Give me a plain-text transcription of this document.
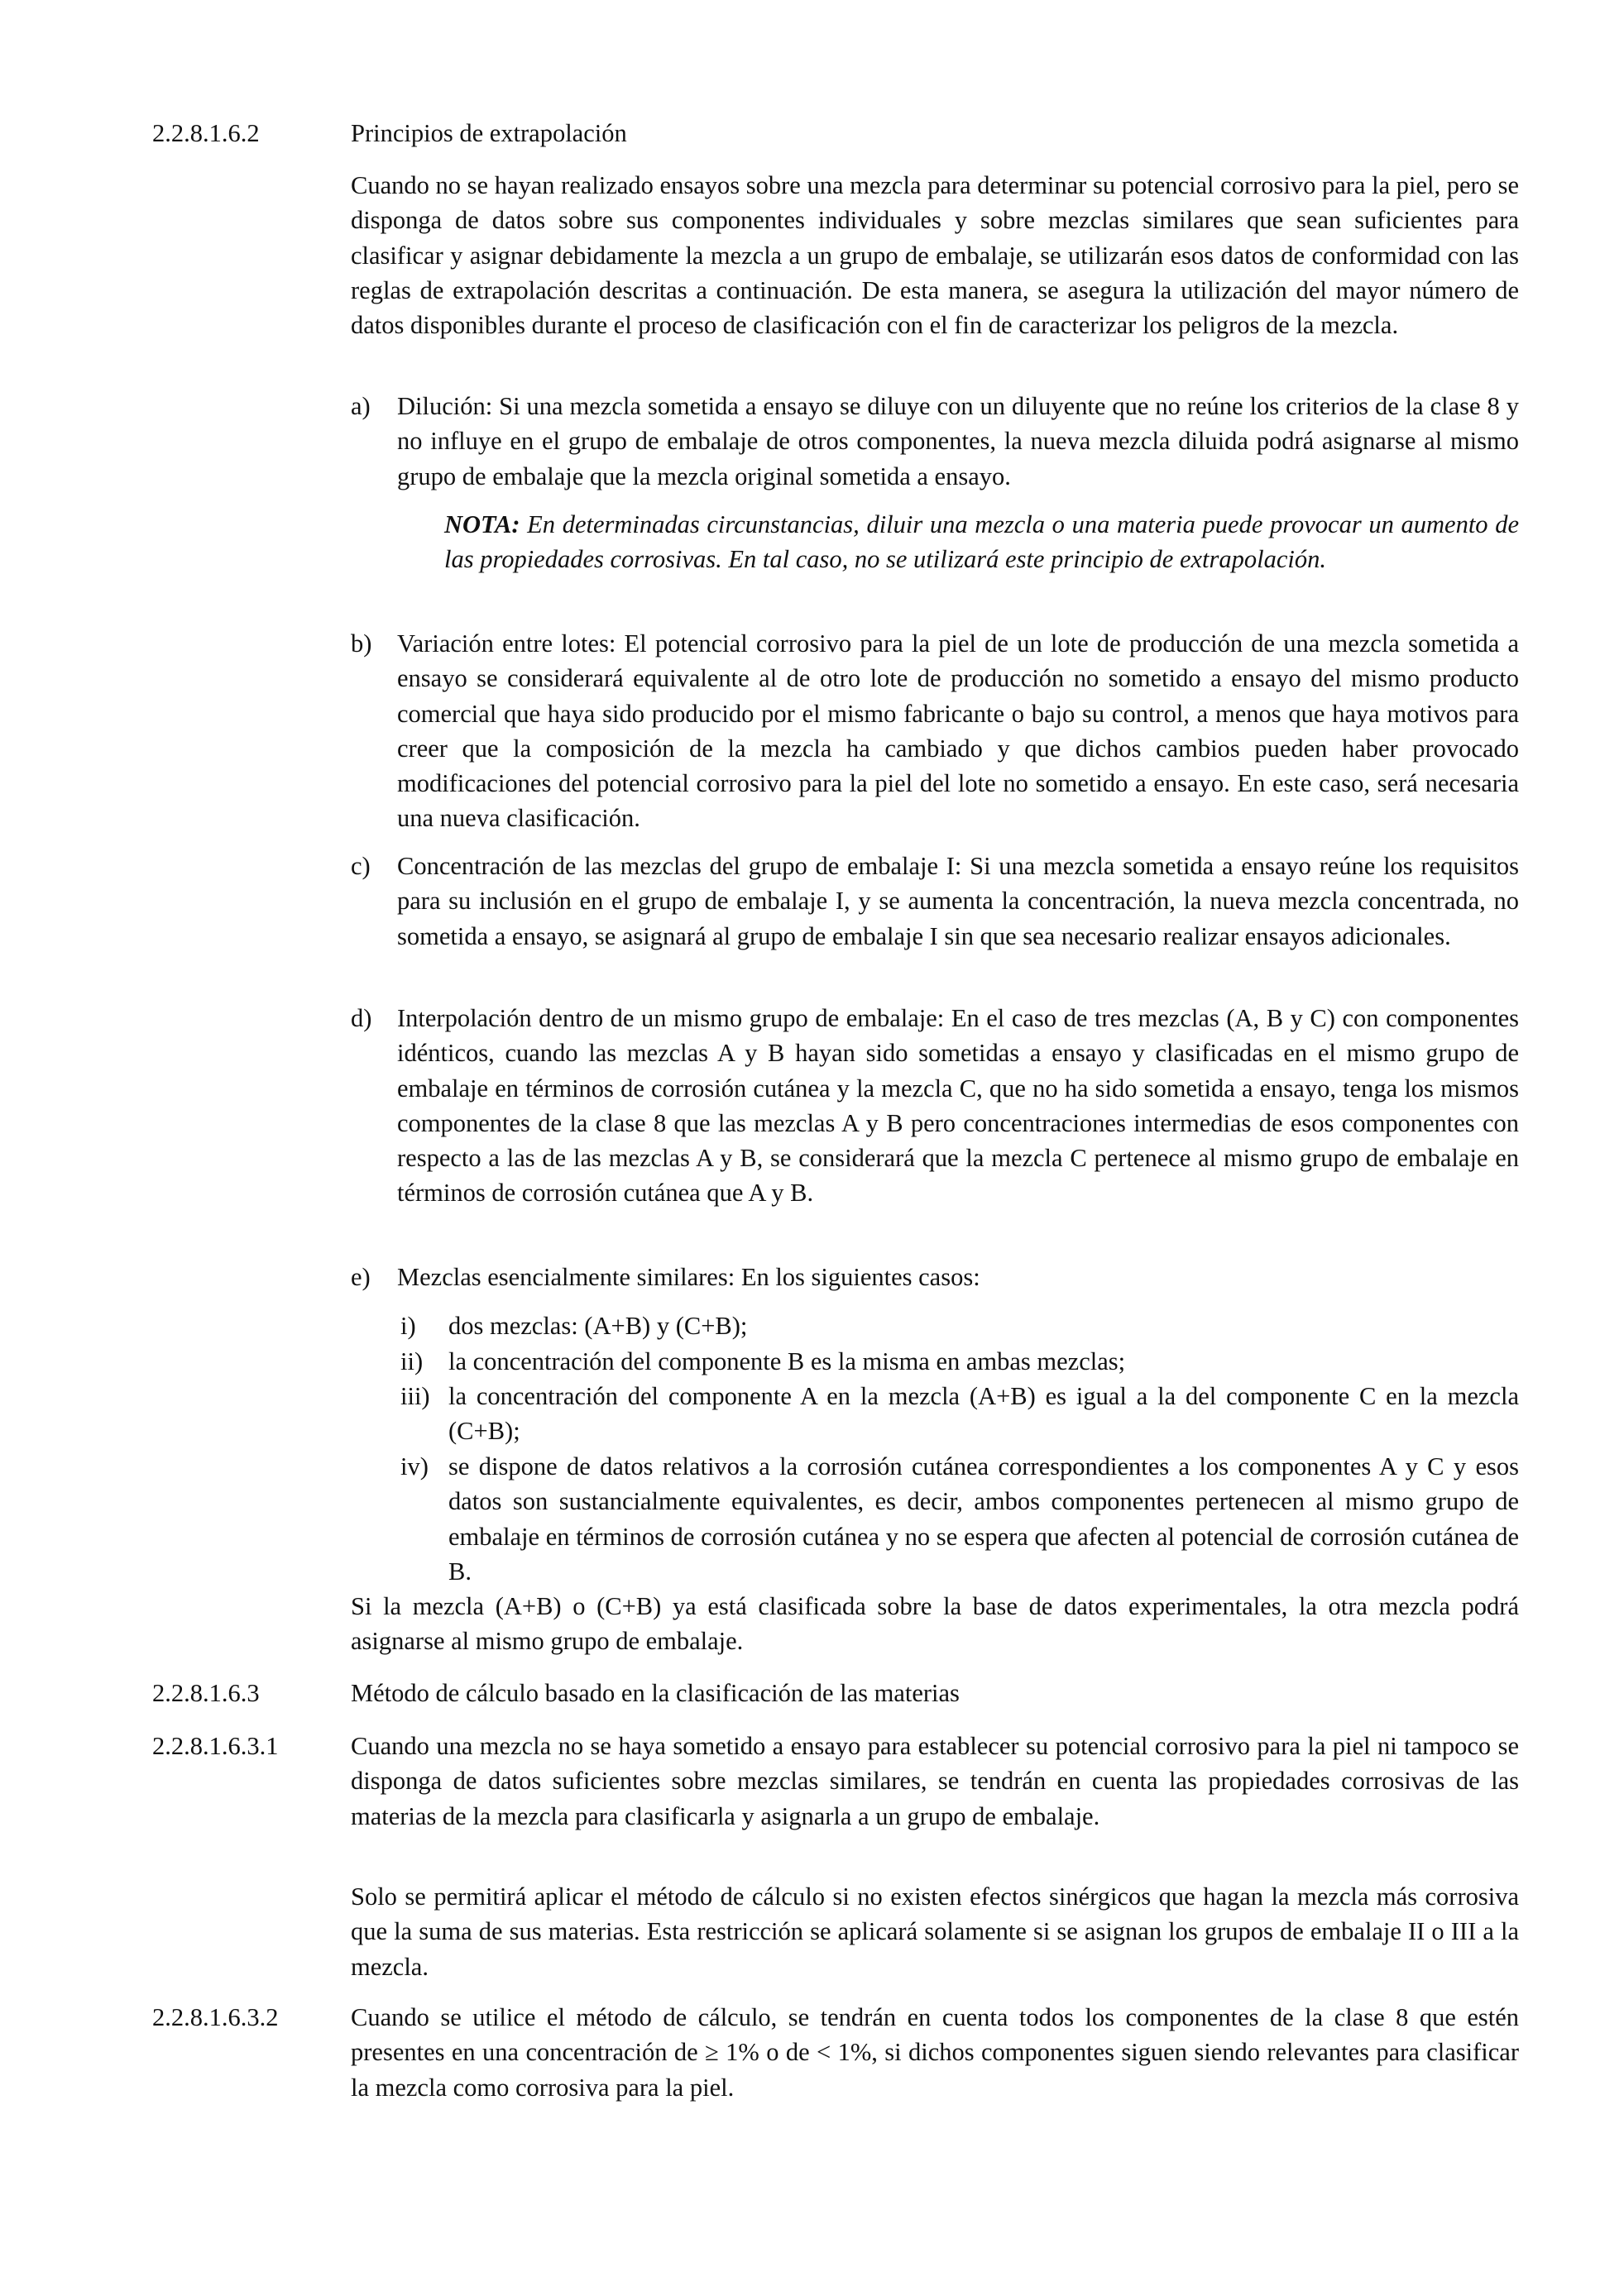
2.2.8.1.6.2	Principios de extrapolación

Cuando no se hayan realizado ensayos sobre una mezcla para determinar su potencial corrosivo para la piel, pero se disponga de datos sobre sus componentes individuales y sobre mezclas similares que sean suficientes para clasificar y asignar debidamente la mezcla a un grupo de embalaje, se utilizarán esos datos de conformidad con las reglas de extrapolación descritas a continuación. De esta manera, se asegura la utilización del mayor número de datos disponibles durante el proceso de clasificación con el fin de caracterizar los peligros de la mezcla.

a) Dilución: Si una mezcla sometida a ensayo se diluye con un diluyente que no reúne los criterios de la clase 8 y no influye en el grupo de embalaje de otros componentes, la nueva mezcla diluida podrá asignarse al mismo grupo de embalaje que la mezcla original sometida a ensayo.
NOTA: En determinadas circunstancias, diluir una mezcla o una materia puede provocar un aumento de las propiedades corrosivas. En tal caso, no se utilizará este principio de extrapolación.
b) Variación entre lotes: El potencial corrosivo para la piel de un lote de producción de una mezcla sometida a ensayo se considerará equivalente al de otro lote de producción no sometido a ensayo del mismo producto comercial que haya sido producido por el mismo fabricante o bajo su control, a menos que haya motivos para creer que la composición de la mezcla ha cambiado y que dichos cambios pueden haber provocado modificaciones del potencial corrosivo para la piel del lote no sometido a ensayo. En este caso, será necesaria una nueva clasificación.
c) Concentración de las mezclas del grupo de embalaje I: Si una mezcla sometida a ensayo reúne los requisitos para su inclusión en el grupo de embalaje I, y se aumenta la concentración, la nueva mezcla concentrada, no sometida a ensayo, se asignará al grupo de embalaje I sin que sea necesario realizar ensayos adicionales.
d) Interpolación dentro de un mismo grupo de embalaje: En el caso de tres mezclas (A, B y C) con componentes idénticos, cuando las mezclas A y B hayan sido sometidas a ensayo y clasificadas en el mismo grupo de embalaje en términos de corrosión cutánea y la mezcla C, que no ha sido sometida a ensayo, tenga los mismos componentes de la clase 8 que las mezclas A y B pero concentraciones intermedias de esos componentes con respecto a las de las mezclas A y B, se considerará que la mezcla C pertenece al mismo grupo de embalaje en términos de corrosión cutánea que A y B.
e) Mezclas esencialmente similares: En los siguientes casos:
i) dos mezclas: (A+B) y (C+B);
ii) la concentración del componente B es la misma en ambas mezclas;
iii) la concentración del componente A en la mezcla (A+B) es igual a la del componente C en la mezcla (C+B);
iv) se dispone de datos relativos a la corrosión cutánea correspondientes a los componentes A y C y esos datos son sustancialmente equivalentes, es decir, ambos componentes pertenecen al mismo grupo de embalaje en términos de corrosión cutánea y no se espera que afecten al potencial de corrosión cutánea de B.

Si la mezcla (A+B) o (C+B) ya está clasificada sobre la base de datos experimentales, la otra mezcla podrá asignarse al mismo grupo de embalaje.

2.2.8.1.6.3	Método de cálculo basado en la clasificación de las materias
2.2.8.1.6.3.1	Cuando una mezcla no se haya sometido a ensayo para establecer su potencial corrosivo para la piel ni tampoco se disponga de datos suficientes sobre mezclas similares, se tendrán en cuenta las propiedades corrosivas de las materias de la mezcla para clasificarla y asignarla a un grupo de embalaje.

Solo se permitirá aplicar el método de cálculo si no existen efectos sinérgicos que hagan la mezcla más corrosiva que la suma de sus materias. Esta restricción se aplicará solamente si se asignan los grupos de embalaje II o III a la mezcla.

2.2.8.1.6.3.2	Cuando se utilice el método de cálculo, se tendrán en cuenta todos los componentes de la clase 8 que estén presentes en una concentración de ≥ 1% o de < 1%, si dichos componentes siguen siendo relevantes para clasificar la mezcla como corrosiva para la piel.
